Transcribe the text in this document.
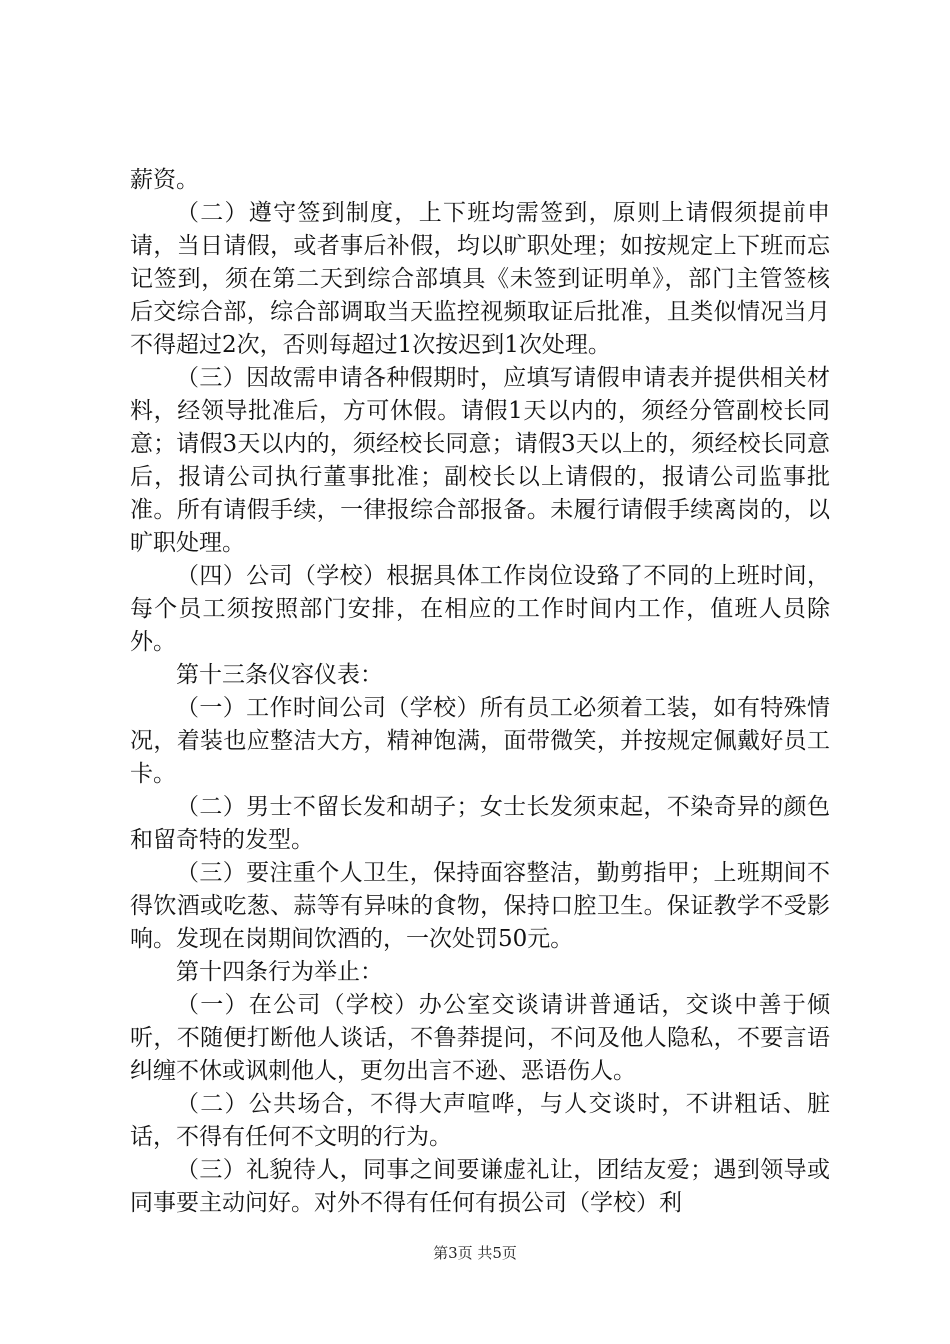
薪资。

（二）遵守签到制度，上下班均需签到，原则上请假须提前申请，当日请假，或者事后补假，均以旷职处理；如按规定上下班而忘记签到，须在第二天到综合部填具《未签到证明单》，部门主管签核后交综合部，综合部调取当天监控视频取证后批准，且类似情况当月不得超过2次，否则每超过1次按迟到1次处理。

（三）因故需申请各种假期时，应填写请假申请表并提供相关材料，经领导批准后，方可休假。请假1天以内的，须经分管副校长同意；请假3天以内的，须经校长同意；请假3天以上的，须经校长同意后，报请公司执行董事批准；副校长以上请假的，报请公司监事批准。所有请假手续，一律报综合部报备。未履行请假手续离岗的，以旷职处理。

（四）公司（学校）根据具体工作岗位设臵了不同的上班时间，每个员工须按照部门安排，在相应的工作时间内工作，值班人员除外。

第十三条仪容仪表：

（一）工作时间公司（学校）所有员工必须着工装，如有特殊情况，着装也应整洁大方，精神饱满，面带微笑，并按规定佩戴好员工卡。

（二）男士不留长发和胡子；女士长发须束起，不染奇异的颜色和留奇特的发型。

（三）要注重个人卫生，保持面容整洁，勤剪指甲；上班期间不得饮酒或吃葱、蒜等有异味的食物，保持口腔卫生。保证教学不受影响。发现在岗期间饮酒的，一次处罚50元。

第十四条行为举止：

（一）在公司（学校）办公室交谈请讲普通话，交谈中善于倾听，不随便打断他人谈话，不鲁莽提问，不问及他人隐私，不要言语纠缠不休或讽刺他人，更勿出言不逊、恶语伤人。

（二）公共场合，不得大声喧哗，与人交谈时，不讲粗话、脏话，不得有任何不文明的行为。

（三）礼貌待人，同事之间要谦虚礼让，团结友爱；遇到领导或同事要主动问好。对外不得有任何有损公司（学校）利

第3页 共5页
